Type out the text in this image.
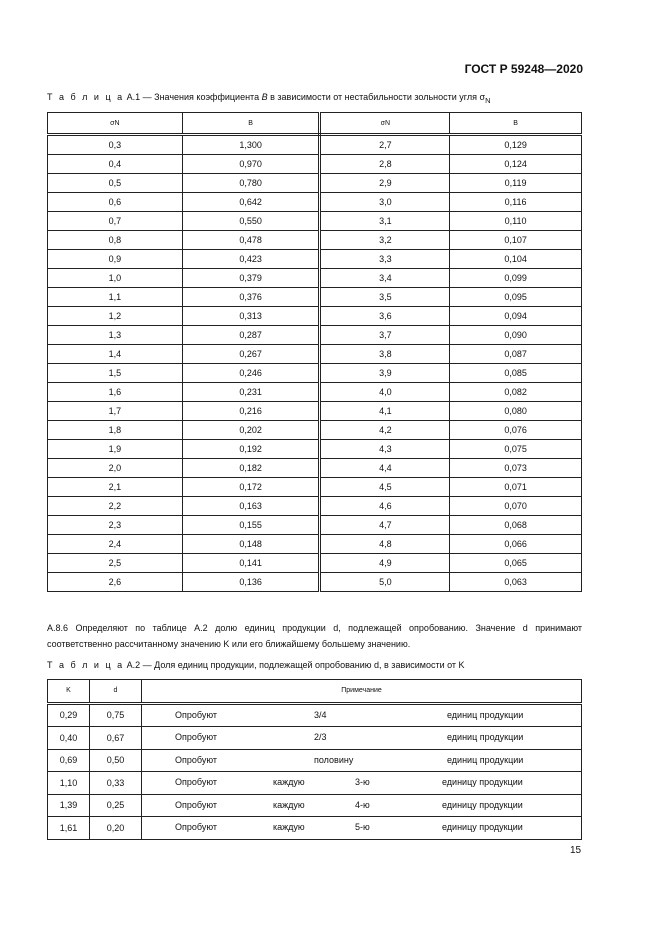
ГОСТ Р 59248—2020
Т а б л и ц а A.1 — Значения коэффициента B в зависимости от нестабильности зольности угля $\sigma_N$
σN	B	σN	B
0,3	1,300	2,7	0,129
0,4	0,970	2,8	0,124
0,5	0,780	2,9	0,119
0,6	0,642	3,0	0,116
0,7	0,550	3,1	0,110
0,8	0,478	3,2	0,107
0,9	0,423	3,3	0,104
1,0	0,379	3,4	0,099
1,1	0,376	3,5	0,095
1,2	0,313	3,6	0,094
1,3	0,287	3,7	0,090
1,4	0,267	3,8	0,087
1,5	0,246	3,9	0,085
1,6	0,231	4,0	0,082
1,7	0,216	4,1	0,080
1,8	0,202	4,2	0,076
1,9	0,192	4,3	0,075
2,0	0,182	4,4	0,073
2,1	0,172	4,5	0,071
2,2	0,163	4,6	0,070
2,3	0,155	4,7	0,068
2,4	0,148	4,8	0,066
2,5	0,141	4,9	0,065
2,6	0,136	5,0	0,063
A.8.6 Определяют по таблице А.2 долю единиц продукции d, подлежащей опробованию. Значение d принимают соответственно рассчитанному значению K или его ближайшему большему значению.
Т а б л и ц а A.2 — Доля единиц продукции, подлежащей опробованию d, в зависимости от K
K	d	Примечание
0,29	0,75	Опробуют 3/4 единиц продукции

0,40	0,67	Опробуют 2/3 единиц продукции

0,69	0,50	Опробуют половину единиц продукции

1,10	0,33	Опробуют каждую 3-ю единицу продукции

1,39	0,25	Опробуют каждую 4-ю единицу продукции

1,61	0,20	Опробуют каждую 5-ю единицу продукции
15
